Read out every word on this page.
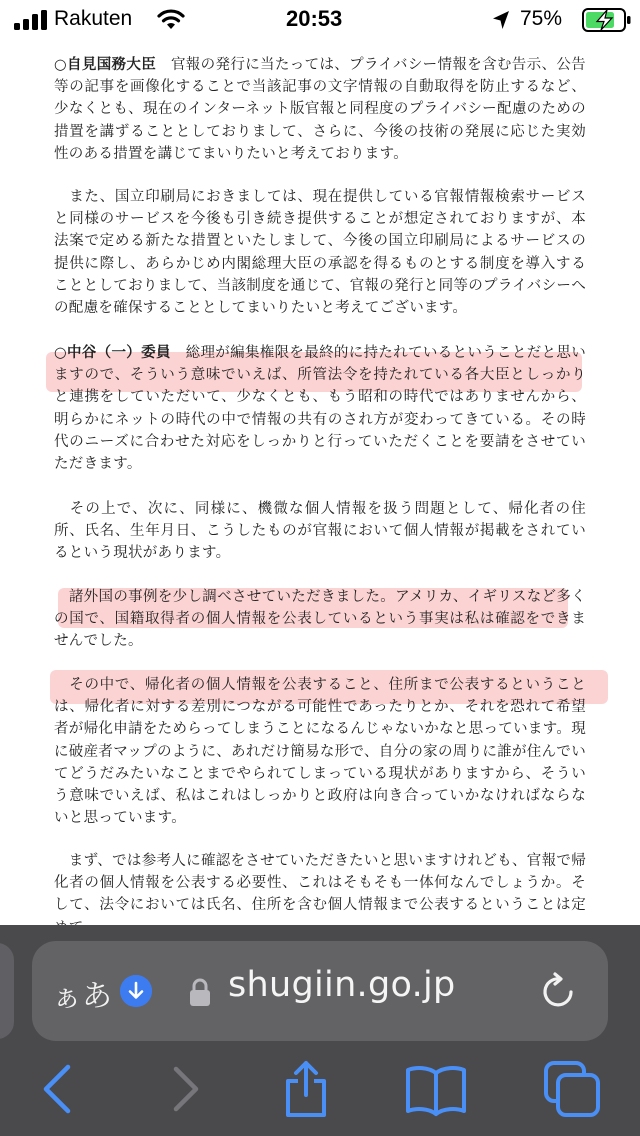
Rakuten	20:53	75%

○自見国務大臣　官報の発行に当たっては、プライバシー情報を含む告示、公告等の記事を画像化することで当該記事の文字情報の自動取得を防止するなど、少なくとも、現在のインターネット版官報と同程度のプライバシー配慮のための措置を講ずることとしておりまして、さらに、今後の技術の発展に応じた実効性のある措置を講じてまいりたいと考えております。

　また、国立印刷局におきましては、現在提供している官報情報検索サービスと同様のサービスを今後も引き続き提供することが想定されておりますが、本法案で定める新たな措置といたしまして、今後の国立印刷局によるサービスの提供に際し、あらかじめ内閣総理大臣の承認を得るものとする制度を導入することとしておりまして、当該制度を通じて、官報の発行と同等のプライバシーへの配慮を確保することとしてまいりたいと考えてございます。

○中谷（一）委員　総理が編集権限を最終的に持たれているということだと思いますので、そういう意味でいえば、所管法令を持たれている各大臣としっかりと連携をしていただいて、少なくとも、もう昭和の時代ではありませんから、明らかにネットの時代の中で情報の共有のされ方が変わってきている。その時代のニーズに合わせた対応をしっかりと行っていただくことを要請をさせていただきます。

　その上で、次に、同様に、機微な個人情報を扱う問題として、帰化者の住所、氏名、生年月日、こうしたものが官報において個人情報が掲載をされているという現状があります。

　諸外国の事例を少し調べさせていただきました。アメリカ、イギリスなど多くの国で、国籍取得者の個人情報を公表しているという事実は私は確認をできませんでした。

　その中で、帰化者の個人情報を公表すること、住所まで公表するということは、帰化者に対する差別につながる可能性であったりとか、それを恐れて希望者が帰化申請をためらってしまうことになるんじゃないかなと思っています。現に破産者マップのように、あれだけ簡易な形で、自分の家の周りに誰が住んでいてどうだみたいなことまでやられてしまっている現状がありますから、そういう意味でいえば、私はこれはしっかりと政府は向き合っていかなければならないと思っています。

　まず、では参考人に確認をさせていただきたいと思いますけれども、官報で帰化者の個人情報を公表する必要性、これはそもそも一体何なんでしょうか。そして、法令においては氏名、住所を含む個人情報まで公表するということは定

ぁあ	shugiin.go.jp
